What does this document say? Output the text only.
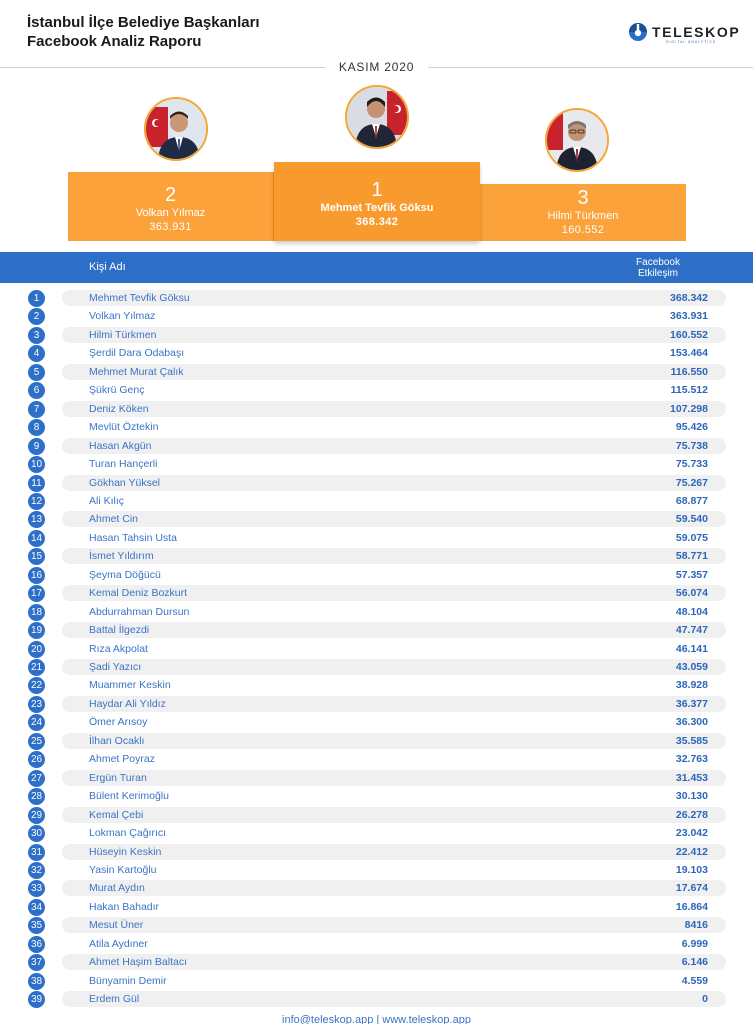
İstanbul İlçe Belediye Başkanları
Facebook Analiz Raporu
TELESKOP
DIGITAL ANALYTICS
KASIM 2020
2
Volkan Yılmaz
363.931
1
Mehmet Tevfik Göksu
368.342
3
Hilmi Türkmen
160.552
Kişi Adı	Facebook
Etkileşim
1	Mehmet Tevfik Göksu	368.342
2	Volkan Yılmaz	363.931
3	Hilmi Türkmen	160.552
4	Şerdil Dara Odabaşı	153.464
5	Mehmet Murat Çalık	116.550
6	Şükrü Genç	115.512
7	Deniz Köken	107.298
8	Mevlüt Öztekin	95.426
9	Hasan Akgün	75.738
10	Turan Hançerli	75.733
11	Gökhan Yüksel	75.267
12	Ali Kılıç	68.877
13	Ahmet Cin	59.540
14	Hasan Tahsin Usta	59.075
15	İsmet Yıldırım	58.771
16	Şeyma Döğücü	57.357
17	Kemal Deniz Bozkurt	56.074
18	Abdurrahman Dursun	48.104
19	Battal İlgezdi	47.747
20	Rıza Akpolat	46.141
21	Şadi Yazıcı	43.059
22	Muammer Keskin	38.928
23	Haydar Ali Yıldız	36.377
24	Ömer Arısoy	36.300
25	İlhan Ocaklı	35.585
26	Ahmet Poyraz	32.763
27	Ergün Turan	31.453
28	Bülent Kerimoğlu	30.130
29	Kemal Çebi	26.278
30	Lokman Çağırıcı	23.042
31	Hüseyin Keskin	22.412
32	Yasin Kartoğlu	19.103
33	Murat Aydın	17.674
34	Hakan Bahadır	16.864
35	Mesut Üner	8416
36	Atila Aydıner	6.999
37	Ahmet Haşim Baltacı	6.146
38	Bünyamin Demir	4.559
39	Erdem Gül	0
info@teleskop.app | www.teleskop.app
